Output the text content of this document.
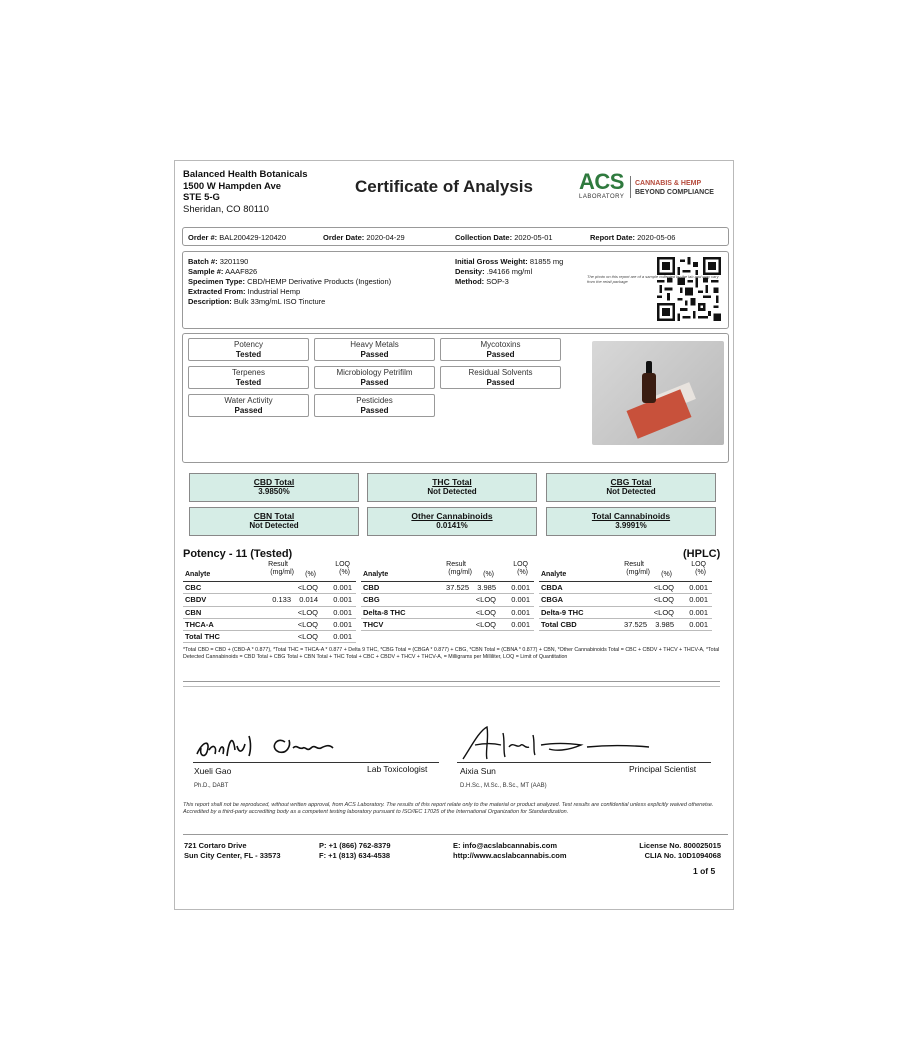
Balanced Health Botanicals
1500 W Hampden Ave
STE 5-G
Sheridan, CO 80110
Certificate of Analysis ACS
LABORATORY
CANNABIS & HEMP
BEYOND COMPLIANCE
Order #: BAL200429-120420	Order Date: 2020-04-29	Collection Date: 2020-05-01	Report Date: 2020-05-06
Batch #: 3201190
Sample #: AAAF826
Specimen Type: CBD/HEMP Derivative Products (Ingestion)
Extracted From: Industrial Hemp
Description: Bulk 33mg/mL ISO Tincture
Initial Gross Weight: 81855 mg
Density: .94166 mg/ml
Method: SOP-3
Potency
Tested
Heavy Metals
Passed
Mycotoxins
Passed
Terpenes
Tested
Microbiology Petrifilm
Passed
Residual Solvents
Passed
Water Activity
Passed
Pesticides
Passed
The photo on this report are of a sample collected by the lab and may vary from the retail package
CBD Total
3.9850%
THC Total
Not Detected
CBG Total
Not Detected
CBN Total
Not Detected
Other Cannabinoids
0.0141%
Total Cannabinoids
3.9991%
Potency - 11 (Tested)	(HPLC)
Analyte
Result
(mg/ml) (%)
LOQ
(%)
CBC	<LOQ 0.001
CBDV	0.133 0.014 0.001
CBN	<LOQ 0.001
THCA-A	<LOQ 0.001
Total THC	<LOQ 0.001
Analyte
Result
(mg/ml) (%)
LOQ
(%)
CBD	37.525 3.985 0.001
CBG	<LOQ 0.001
Delta-8 THC	<LOQ 0.001
THCV	<LOQ 0.001
Analyte
Result
(mg/ml) (%)
LOQ
(%)
CBDA	<LOQ 0.001
CBGA	<LOQ 0.001
Delta-9 THC	<LOQ 0.001
Total CBD	37.525 3.985 0.001
*Total CBD = CBD + (CBD-A * 0.877), *Total THC = THCA-A * 0.877 + Delta 9 THC, *CBG Total = (CBGA * 0.877) + CBG, *CBN Total = (CBNA * 0.877) + CBN, *Other Cannabinoids Total = CBC + CBDV + THCV + THCV-A, *Total Detected Cannabinoids = CBD Total + CBG Total + CBN Total + THC Total + CBC + CBDV + THCV + THCV-A, = Milligrams per Milliliter, LOQ = Limit of Quantitation
Xueli Gao	Lab Toxicologist
Ph.D., DABT
Aixia Sun	Principal Scientist
D.H.Sc., M.Sc., B.Sc., MT (AAB)
This report shall not be reproduced, without written approval, from ACS Laboratory. The results of this report relate only to the material or product analyzed. Test results are confidential unless explicitly waived otherwise. Accredited by a third-party accrediting body as a competent testing laboratory pursuant to ISO/IEC 17025 of the International Organization for Standardization.
721 Cortaro Drive
Sun City Center, FL - 33573
P: +1 (866) 762-8379
F: +1 (813) 634-4538
E: info@acslabcannabis.com
http://www.acslabcannabis.com
License No. 800025015
CLIA No. 10D1094068
1 of 5
